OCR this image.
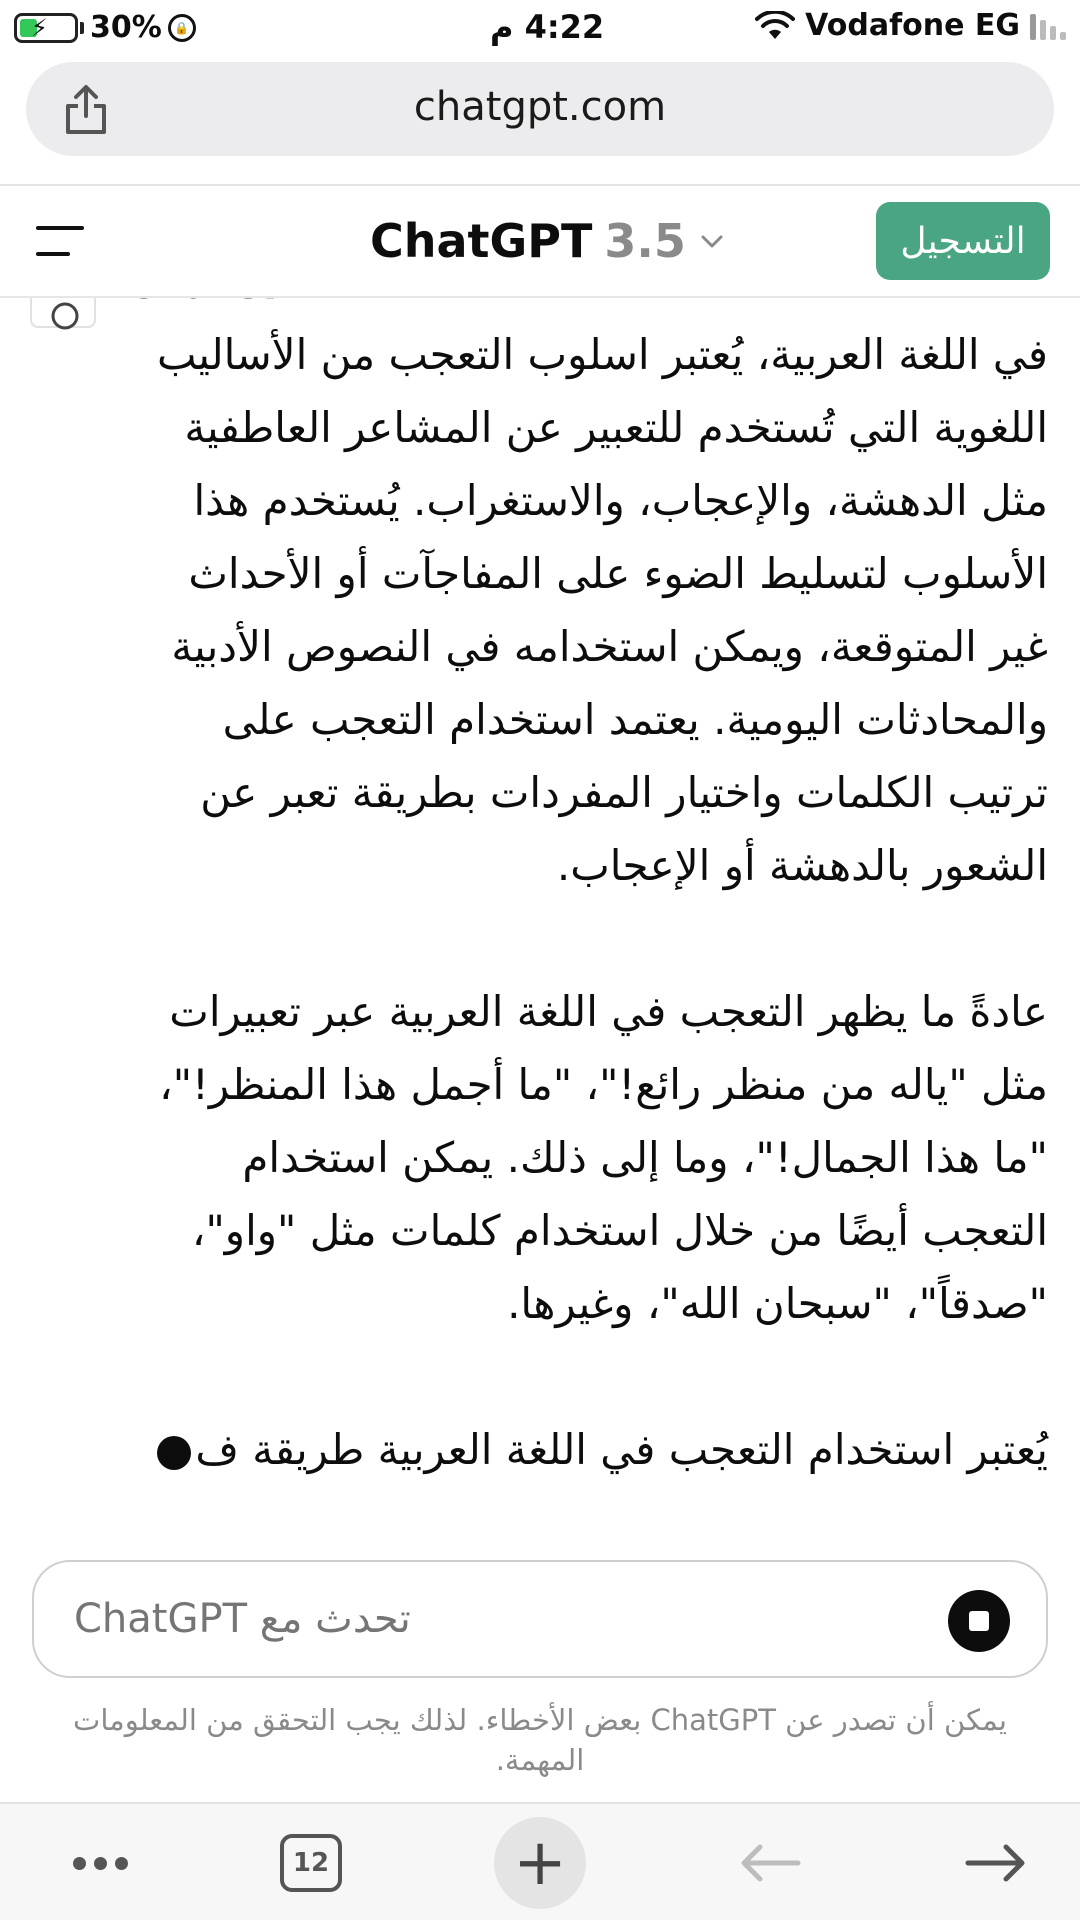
⚡ 30%	🔒	4:22 م	Vodafone EG
chatgpt.com
ChatGPT 3.5	التسجيل

في اللغة العربية، يُعتبر اسلوب التعجب من الأساليب اللغوية التي تُستخدم للتعبير عن المشاعر العاطفية مثل الدهشة، والإعجاب، والاستغراب. يُستخدم هذا الأسلوب لتسليط الضوء على المفاجآت أو الأحداث غير المتوقعة، ويمكن استخدامه في النصوص الأدبية والمحادثات اليومية. يعتمد استخدام التعجب على ترتيب الكلمات واختيار المفردات بطريقة تعبر عن الشعور بالدهشة أو الإعجاب.

عادةً ما يظهر التعجب في اللغة العربية عبر تعبيرات مثل "ياله من منظر رائع!"، "ما أجمل هذا المنظر!"، "ما هذا الجمال!"، وما إلى ذلك. يمكن استخدام التعجب أيضًا من خلال استخدام كلمات مثل "واو"، "صدقاً"، "سبحان الله"، وغيرها.

يُعتبر استخدام التعجب في اللغة العربية طريقة ف

تحدث مع ChatGPT
يمكن أن تصدر عن ChatGPT بعض الأخطاء. لذلك يجب التحقق من المعلومات المهمة.
12	+
